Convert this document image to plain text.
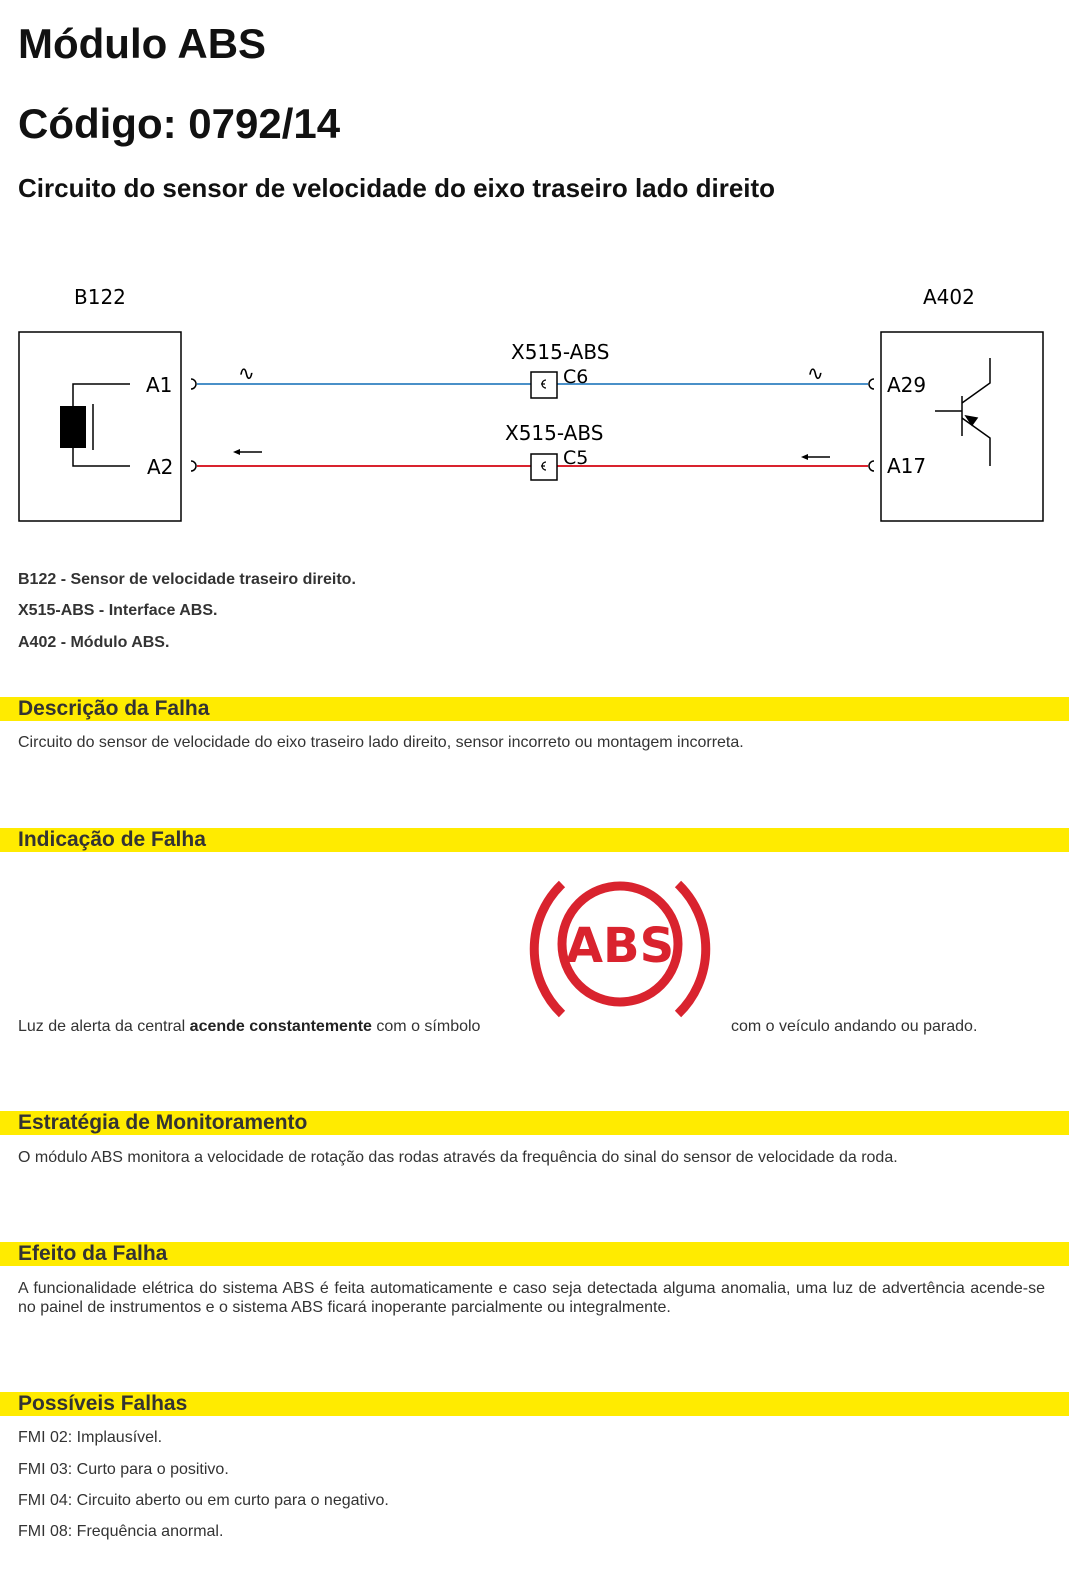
Módulo ABS
Código: 0792/14
Circuito do sensor de velocidade do eixo traseiro lado direito
B122	A402
A1
A2
A29
A17
∿	∿
X515-ABS
C6
X515-ABS
C5

B122 - Sensor de velocidade traseiro direito.

X515-ABS - Interface ABS.

A402 - Módulo ABS.

Descrição da Falha

Circuito do sensor de velocidade do eixo traseiro lado direito, sensor incorreto ou montagem incorreta.

Indicação de Falha

Luz de alerta da central acende constantemente com o símbolo

ABS

com o veículo andando ou parado.

Estratégia de Monitoramento

O módulo ABS monitora a velocidade de rotação das rodas através da frequência do sinal do sensor de velocidade da roda.

Efeito da Falha

A funcionalidade elétrica do sistema ABS é feita automaticamente e caso seja detectada alguma anomalia, uma luz de advertência acende-se no painel de instrumentos e o sistema ABS ficará inoperante parcialmente ou integralmente.

Possíveis Falhas
FMI 02: Implausível.
FMI 03: Curto para o positivo.
FMI 04: Circuito aberto ou em curto para o negativo.
FMI 08: Frequência anormal.
